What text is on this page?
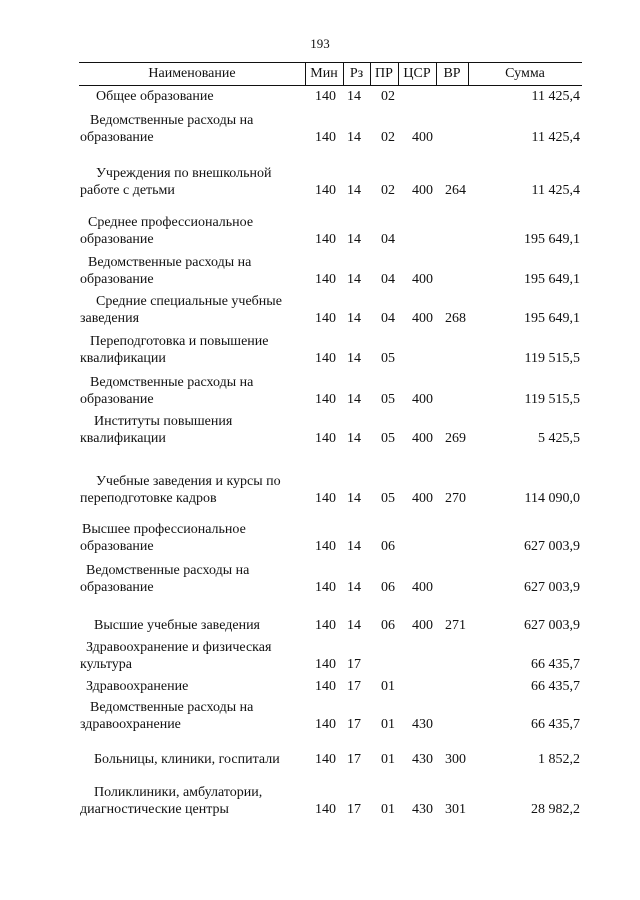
193
Наименование	Мин Рз ПР ЦСР ВР	Сумма
Общее образование	140 14 02	11 425,4
Ведомственные расходы на
образование	140 14 02 400	11 425,4
Учреждения по внешкольной
работе с детьми	140 14 02 400 264	11 425,4
Среднее профессиональное
образование	140 14 04	195 649,1
Ведомственные расходы на
образование	140 14 04 400	195 649,1
Средние специальные учебные
заведения	140 14 04 400 268	195 649,1
Переподготовка и повышение
квалификации	140 14 05	119 515,5
Ведомственные расходы на
образование	140 14 05 400	119 515,5
Институты повышения
квалификации	140 14 05 400 269	5 425,5
Учебные заведения и курсы по
переподготовке кадров	140 14 05 400 270	114 090,0
Высшее профессиональное
образование	140 14 06	627 003,9
Ведомственные расходы на
образование	140 14 06 400	627 003,9
Высшие учебные заведения	140 14 06 400 271	627 003,9
Здравоохранение и физическая
культура	140 17	66 435,7
Здравоохранение	140 17 01	66 435,7
Ведомственные расходы на
здравоохранение	140 17 01 430	66 435,7
Больницы, клиники, госпитали	140 17 01 430 300	1 852,2
Поликлиники, амбулатории,
диагностические центры	140 17 01 430 301	28 982,2
